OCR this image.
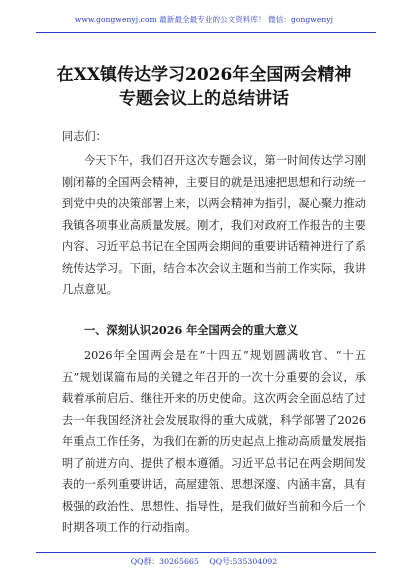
www.gongwenyj.com 最新最全最专业的公文资料库！ 微信：gongwenyj
在XX镇传达学习2026年全国两会精神
专题会议上的总结讲话
同志们：
今天下午，我们召开这次专题会议，第一时间传达学习刚刚闭幕的全国两会精神，主要目的就是迅速把思想和行动统一到党中央的决策部署上来，以两会精神为指引，凝心聚力推动我镇各项事业高质量发展。刚才，我们对政府工作报告的主要内容、习近平总书记在全国两会期间的重要讲话精神进行了系统传达学习。下面，结合本次会议主题和当前工作实际，我讲几点意见。
一、深刻认识2026 年全国两会的重大意义
2026年全国两会是在“十四五”规划圆满收官、“十五五”规划谋篇布局的关键之年召开的一次十分重要的会议，承载着承前启后、继往开来的历史使命。这次两会全面总结了过去一年我国经济社会发展取得的重大成就，科学部署了2026年重点工作任务，为我们在新的历史起点上推动高质量发展指明了前进方向、提供了根本遵循。习近平总书记在两会期间发表的一系列重要讲话，高屋建瓴、思想深邃、内涵丰富，具有极强的政治性、思想性、指导性，是我们做好当前和今后一个时期各项工作的行动指南。
QQ群：30265665 QQ号:535304092
